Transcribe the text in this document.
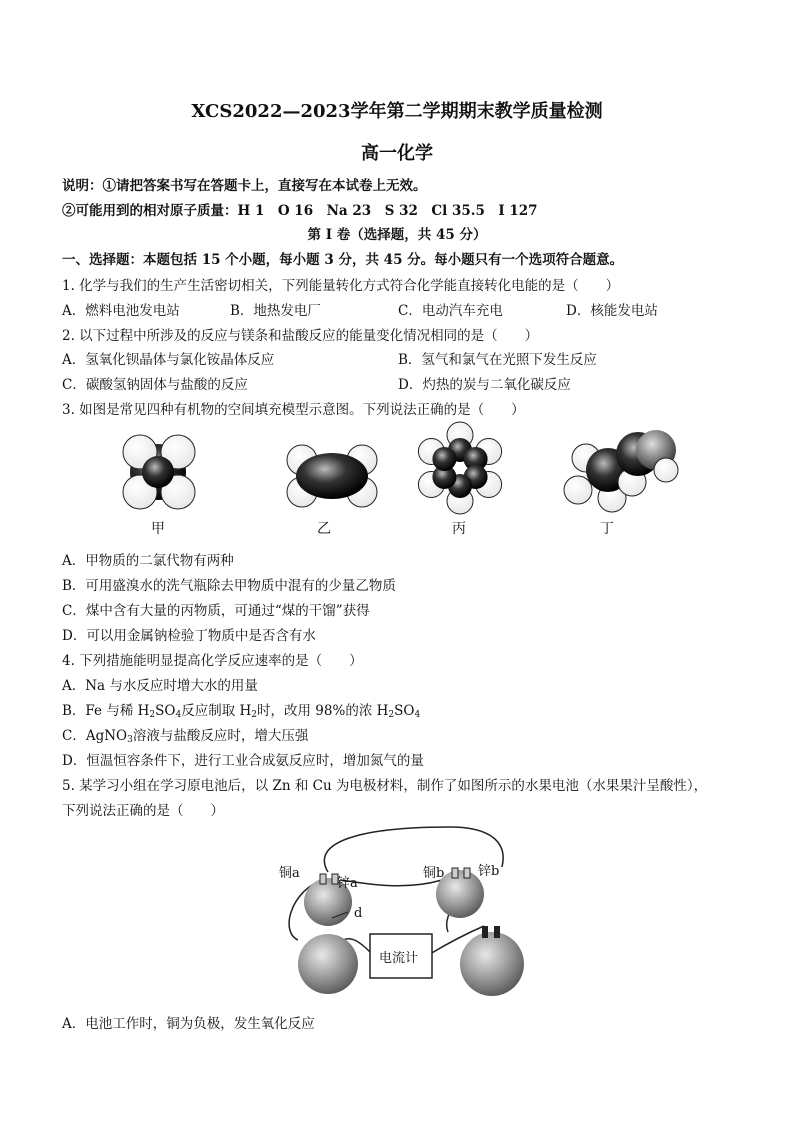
XCS2022—2023学年第二学期期末教学质量检测
高一化学
说明：①请把答案书写在答题卡上，直接写在本试卷上无效。
②可能用到的相对原子质量：H 1　O 16　Na 23　S 32　Cl 35.5　I 127
第 I 卷（选择题，共 45 分）
一、选择题：本题包括 15 个小题，每小题 3 分，共 45 分。每小题只有一个选项符合题意。
1. 化学与我们的生产生活密切相关，下列能量转化方式符合化学能直接转化电能的是（　　）
A．燃料电池发电站	B．地热发电厂	C．电动汽车充电	D．核能发电站
2. 以下过程中所涉及的反应与镁条和盐酸反应的能量变化情况相同的是（　　）
A．氢氧化钡晶体与氯化铵晶体反应	B．氢气和氯气在光照下发生反应
C．碳酸氢钠固体与盐酸的反应	D．灼热的炭与二氧化碳反应
3. 如图是常见四种有机物的空间填充模型示意图。下列说法正确的是（　　）
甲	乙	丙	丁
A．甲物质的二氯代物有两种
B．可用盛溴水的洗气瓶除去甲物质中混有的少量乙物质
C．煤中含有大量的丙物质，可通过“煤的干馏”获得
D．可以用金属钠检验丁物质中是否含有水
4. 下列措施能明显提高化学反应速率的是（　　）
A．Na 与水反应时增大水的用量
B．Fe 与稀 $H_2SO_4$反应制取 $H_2$时，改用 98%的浓 $H_2SO_4$
C．AgNO$_3$溶液与盐酸反应时，增大压强
D．恒温恒容条件下，进行工业合成氨反应时，增加氮气的量
5. 某学习小组在学习原电池后，以 Zn 和 Cu 为电极材料，制作了如图所示的水果电池（水果果汁呈酸性），
下列说法正确的是（　　）
铜a
锌a
铜b	锌b
d
电流计
A．电池工作时，铜为负极，发生氧化反应
